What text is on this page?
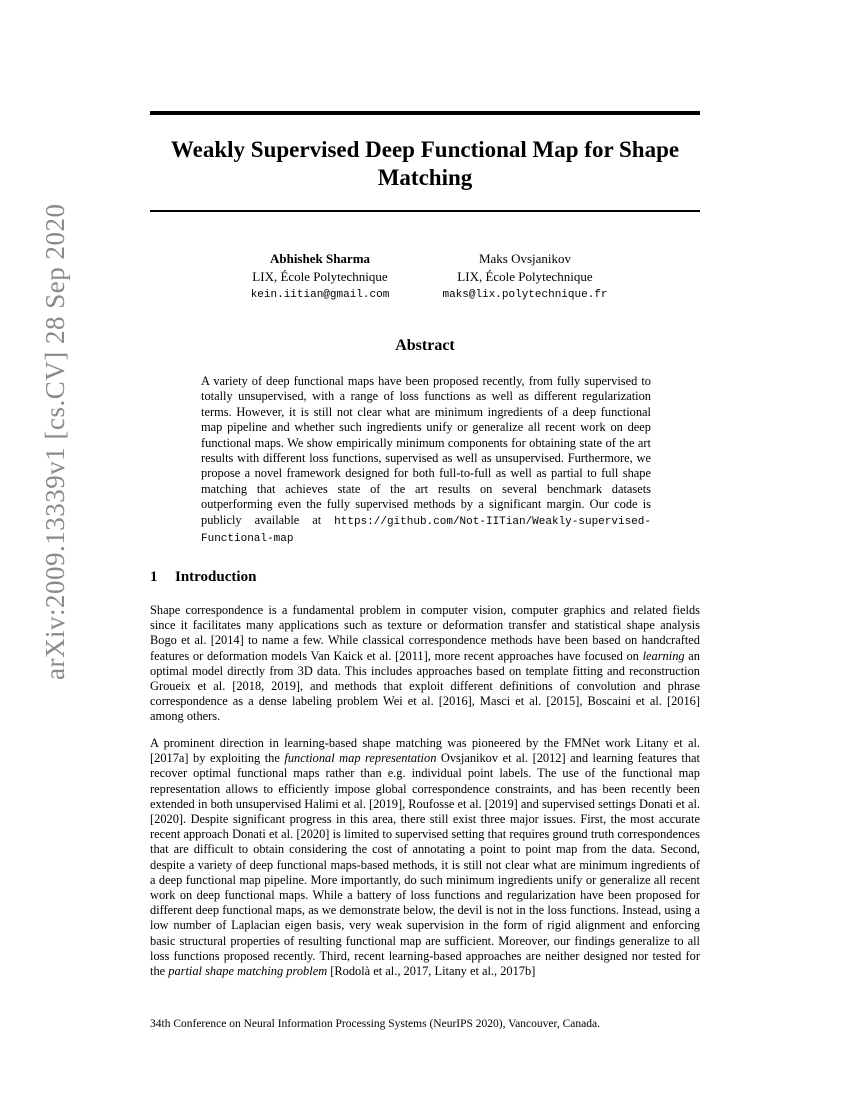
arXiv:2009.13339v1 [cs.CV] 28 Sep 2020
Weakly Supervised Deep Functional Map for Shape Matching
Abhishek Sharma
LIX, École Polytechnique
kein.iitian@gmail.com
Maks Ovsjanikov
LIX, École Polytechnique
maks@lix.polytechnique.fr
Abstract

A variety of deep functional maps have been proposed recently, from fully supervised to totally unsupervised, with a range of loss functions as well as different regularization terms. However, it is still not clear what are minimum ingredients of a deep functional map pipeline and whether such ingredients unify or generalize all recent work on deep functional maps. We show empirically minimum components for obtaining state of the art results with different loss functions, supervised as well as unsupervised. Furthermore, we propose a novel framework designed for both full-to-full as well as partial to full shape matching that achieves state of the art results on several benchmark datasets outperforming even the fully supervised methods by a significant margin. Our code is publicly available at https://github.com/Not-IITian/Weakly-supervised-Functional-map

1 Introduction

Shape correspondence is a fundamental problem in computer vision, computer graphics and related fields since it facilitates many applications such as texture or deformation transfer and statistical shape analysis Bogo et al. [2014] to name a few. While classical correspondence methods have been based on handcrafted features or deformation models Van Kaick et al. [2011], more recent approaches have focused on learning an optimal model directly from 3D data. This includes approaches based on template fitting and reconstruction Groueix et al. [2018, 2019], and methods that exploit different definitions of convolution and phrase correspondence as a dense labeling problem Wei et al. [2016], Masci et al. [2015], Boscaini et al. [2016] among others.

A prominent direction in learning-based shape matching was pioneered by the FMNet work Litany et al. [2017a] by exploiting the functional map representation Ovsjanikov et al. [2012] and learning features that recover optimal functional maps rather than e.g. individual point labels. The use of the functional map representation allows to efficiently impose global correspondence constraints, and has been recently been extended in both unsupervised Halimi et al. [2019], Roufosse et al. [2019] and supervised settings Donati et al. [2020]. Despite significant progress in this area, there still exist three major issues. First, the most accurate recent approach Donati et al. [2020] is limited to supervised setting that requires ground truth correspondences that are difficult to obtain considering the cost of annotating a point to point map from the data. Second, despite a variety of deep functional maps-based methods, it is still not clear what are minimum ingredients of a deep functional map pipeline. More importantly, do such minimum ingredients unify or generalize all recent work on deep functional maps. While a battery of loss functions and regularization have been proposed for different deep functional maps, as we demonstrate below, the devil is not in the loss functions. Instead, using a low number of Laplacian eigen basis, very weak supervision in the form of rigid alignment and enforcing basic structural properties of resulting functional map are sufficient. Moreover, our findings generalize to all loss functions proposed recently. Third, recent learning-based approaches are neither designed nor tested for the partial shape matching problem [Rodolà et al., 2017, Litany et al., 2017b]

34th Conference on Neural Information Processing Systems (NeurIPS 2020), Vancouver, Canada.
